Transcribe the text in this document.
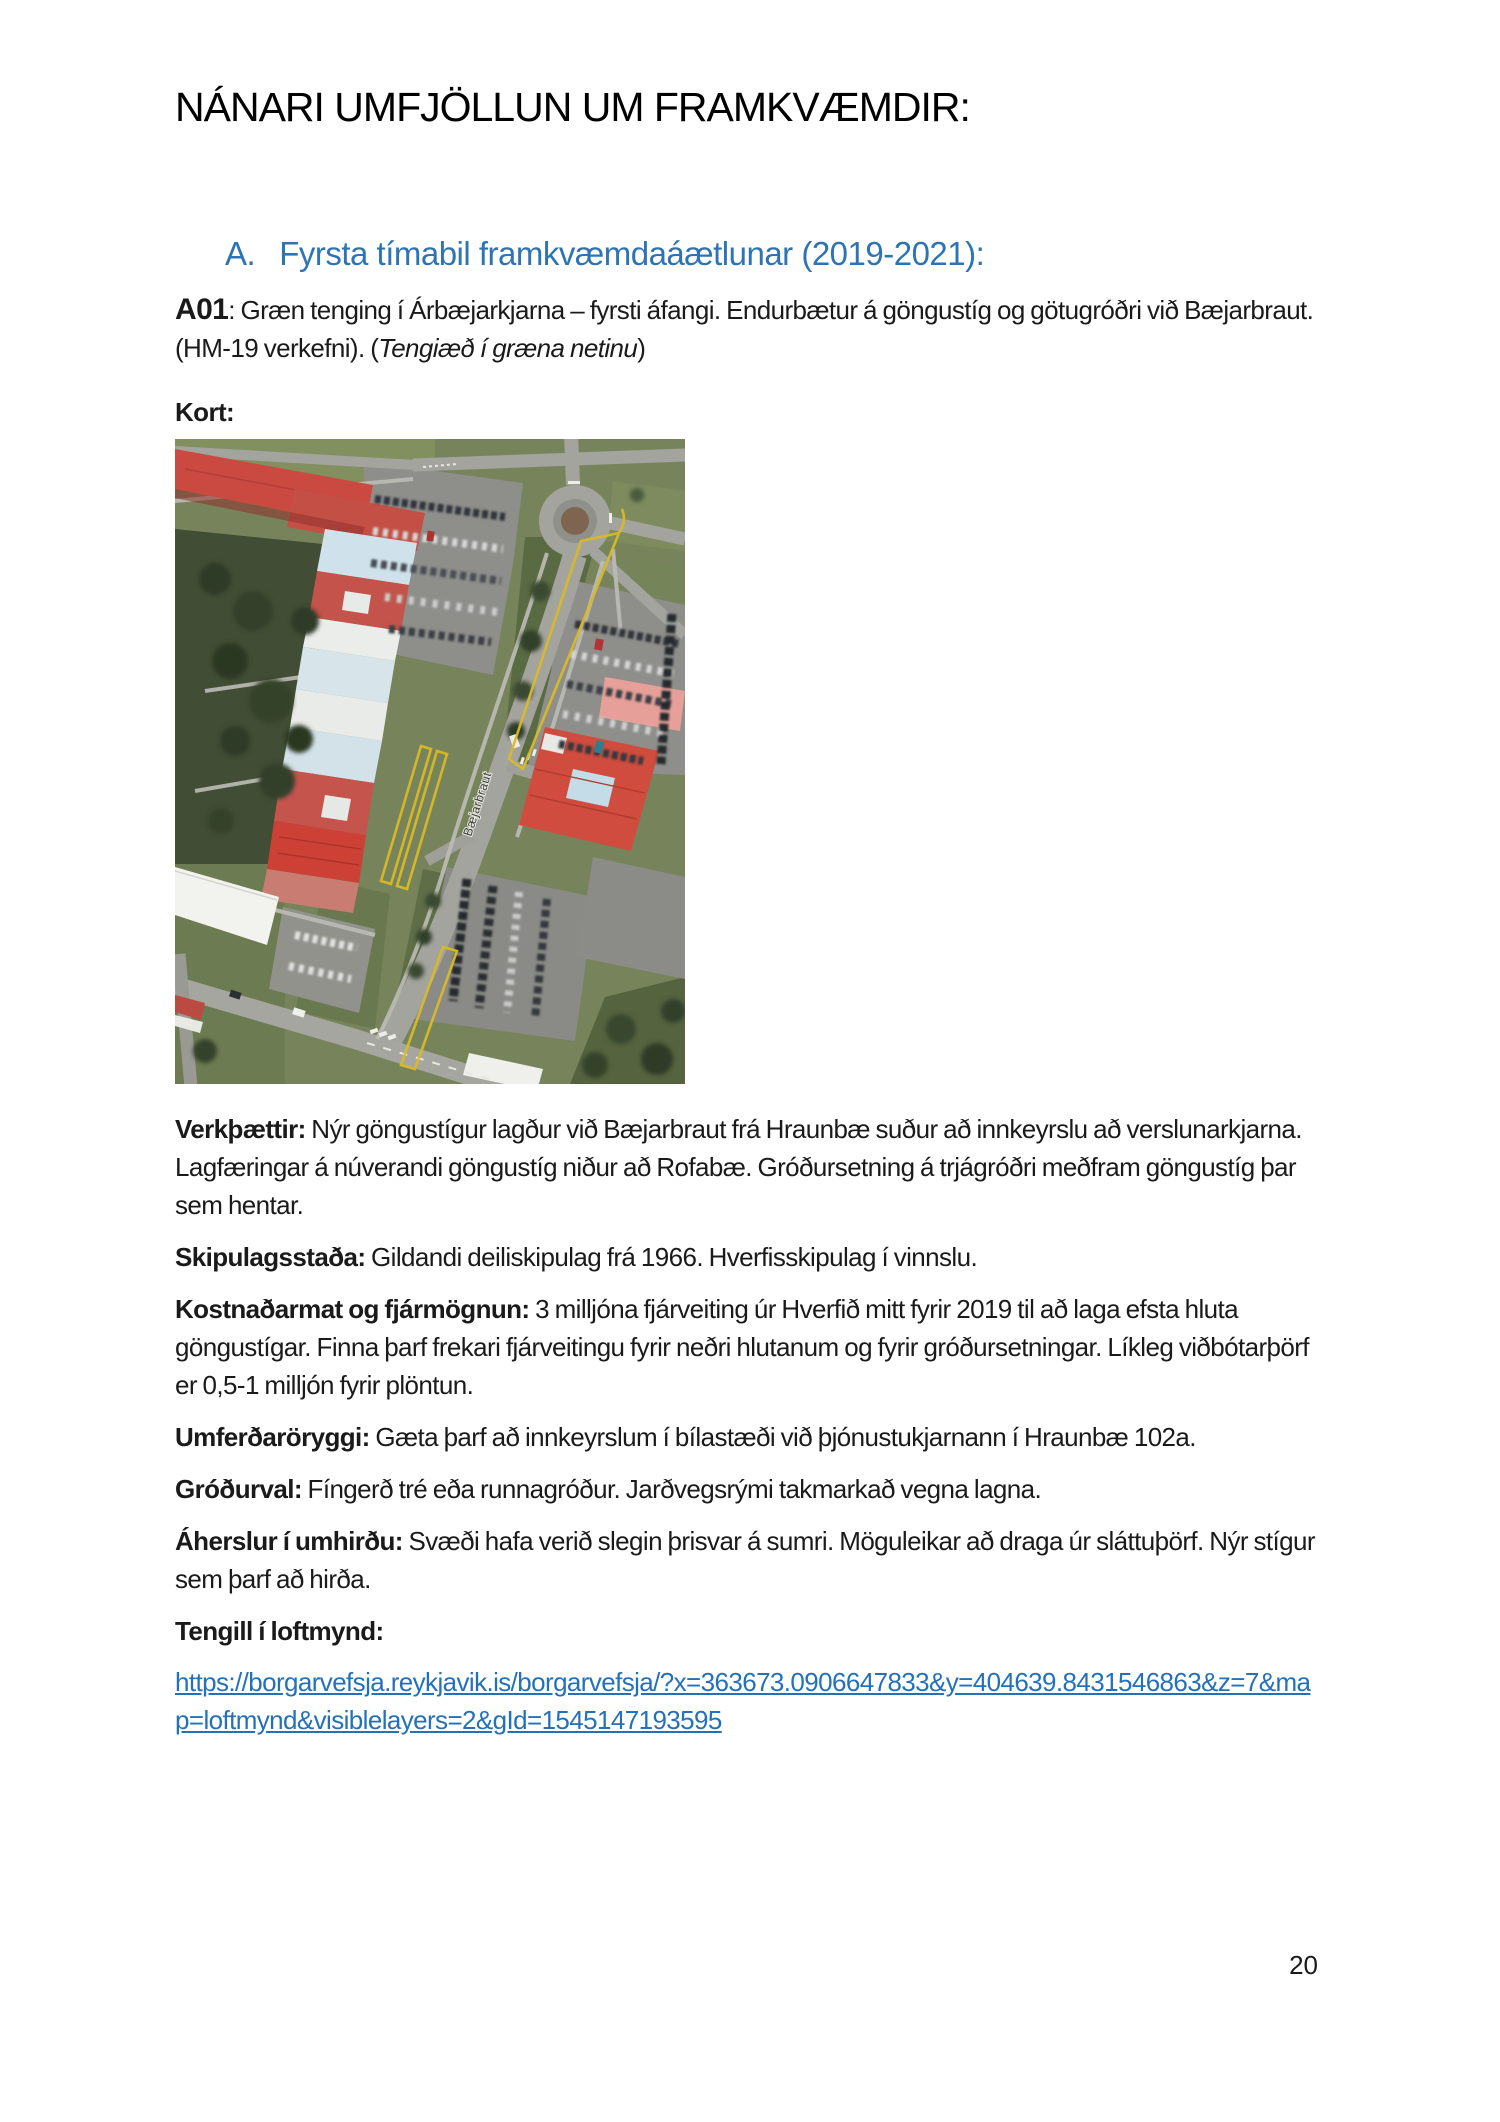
NÁNARI UMFJÖLLUN UM FRAMKVÆMDIR:
A. Fyrsta tímabil framkvæmdaáætlunar (2019-2021):

A01: Græn tenging í Árbæjarkjarna – fyrsti áfangi. Endurbætur á göngustíg og götugróðri við Bæjarbraut. (HM-19 verkefni). (Tengiæð í græna netinu)

Kort:

Bæjarbraut

Verkþættir: Nýr göngustígur lagður við Bæjarbraut frá Hraunbæ suður að innkeyrslu að verslunarkjarna. Lagfæringar á núverandi göngustíg niður að Rofabæ. Gróðursetning á trjágróðri meðfram göngustíg þar sem hentar.

Skipulagsstaða: Gildandi deiliskipulag frá 1966. Hverfisskipulag í vinnslu.

Kostnaðarmat og fjármögnun: 3 milljóna fjárveiting úr Hverfið mitt fyrir 2019 til að laga efsta hluta göngustígar. Finna þarf frekari fjárveitingu fyrir neðri hlutanum og fyrir gróðursetningar. Líkleg viðbótarþörf er 0,5-1 milljón fyrir plöntun.

Umferðaröryggi: Gæta þarf að innkeyrslum í bílastæði við þjónustukjarnann í Hraunbæ 102a.

Gróðurval: Fíngerð tré eða runnagróður. Jarðvegsrými takmarkað vegna lagna.

Áherslur í umhirðu: Svæði hafa verið slegin þrisvar á sumri. Möguleikar að draga úr sláttuþörf. Nýr stígur sem þarf að hirða.

Tengill í loftmynd:

https://borgarvefsja.reykjavik.is/borgarvefsja/?x=363673.0906647833&y=404639.8431546863&z=7&map=loftmynd&visiblelayers=2&gId=1545147193595

20
